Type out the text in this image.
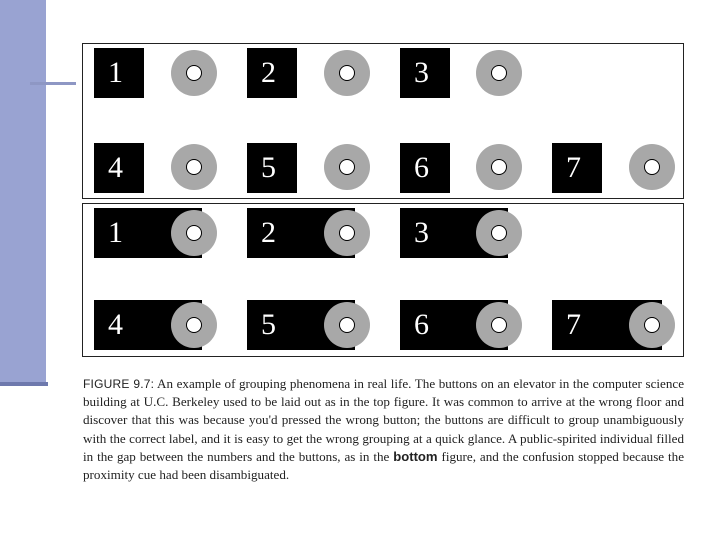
1	2	3
4	5	6	7
1	2	3
4	5	6	7
FIGURE 9.7: An example of grouping phenomena in real life. The buttons on an elevator in the computer science building at U.C. Berkeley used to be laid out as in the top figure. It was common to arrive at the wrong floor and discover that this was because you'd pressed the wrong button; the buttons are difficult to group unambiguously with the correct label, and it is easy to get the wrong grouping at a quick glance. A public-spirited individual filled in the gap between the numbers and the buttons, as in the bottom figure, and the confusion stopped because the proximity cue had been disambiguated.
